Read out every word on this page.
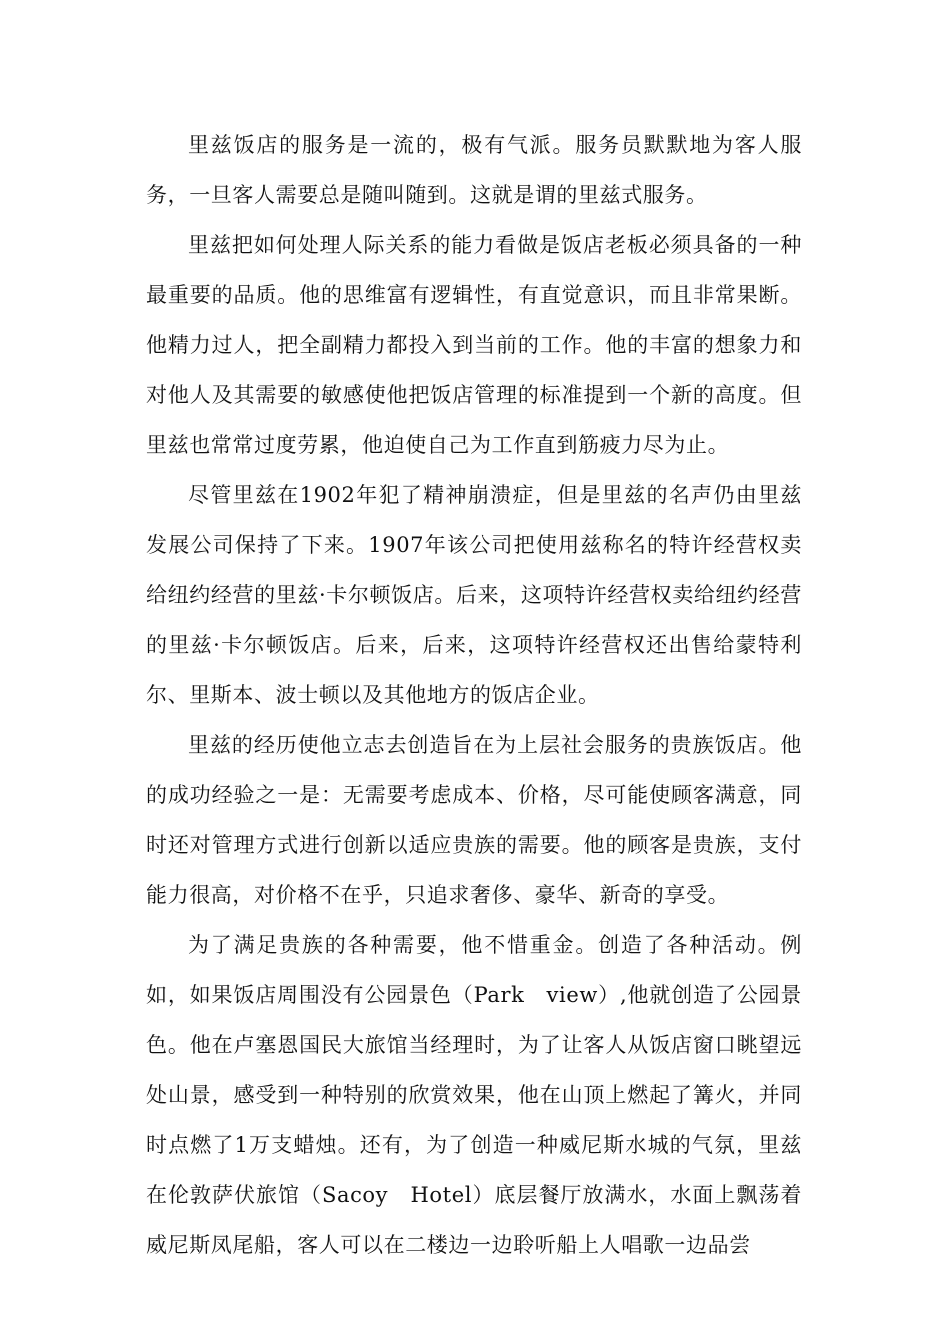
里兹饭店的服务是一流的，极有气派。服务员默默地为客人服务，一旦客人需要总是随叫随到。这就是谓的里兹式服务。

里兹把如何处理人际关系的能力看做是饭店老板必须具备的一种最重要的品质。他的思维富有逻辑性，有直觉意识，而且非常果断。他精力过人，把全副精力都投入到当前的工作。他的丰富的想象力和对他人及其需要的敏感使他把饭店管理的标准提到一个新的高度。但里兹也常常过度劳累，他迫使自己为工作直到筋疲力尽为止。

尽管里兹在1902年犯了精神崩溃症，但是里兹的名声仍由里兹发展公司保持了下来。1907年该公司把使用兹称名的特许经营权卖给纽约经营的里兹·卡尔顿饭店。后来，这项特许经营权卖给纽约经营的里兹·卡尔顿饭店。后来，后来，这项特许经营权还出售给蒙特利尔、里斯本、波士顿以及其他地方的饭店企业。

里兹的经历使他立志去创造旨在为上层社会服务的贵族饭店。他的成功经验之一是：无需要考虑成本、价格，尽可能使顾客满意，同时还对管理方式进行创新以适应贵族的需要。他的顾客是贵族，支付能力很高，对价格不在乎，只追求奢侈、豪华、新奇的享受。

为了满足贵族的各种需要，他不惜重金。创造了各种活动。例如，如果饭店周围没有公园景色（Park　view）,他就创造了公园景色。他在卢塞恩国民大旅馆当经理时，为了让客人从饭店窗口眺望远处山景，感受到一种特别的欣赏效果，他在山顶上燃起了篝火，并同时点燃了1万支蜡烛。还有，为了创造一种威尼斯水城的气氛，里兹在伦敦萨伏旅馆（Sacoy　Hotel）底层餐厅放满水，水面上飘荡着威尼斯凤尾船，客人可以在二楼边一边聆听船上人唱歌一边品尝
